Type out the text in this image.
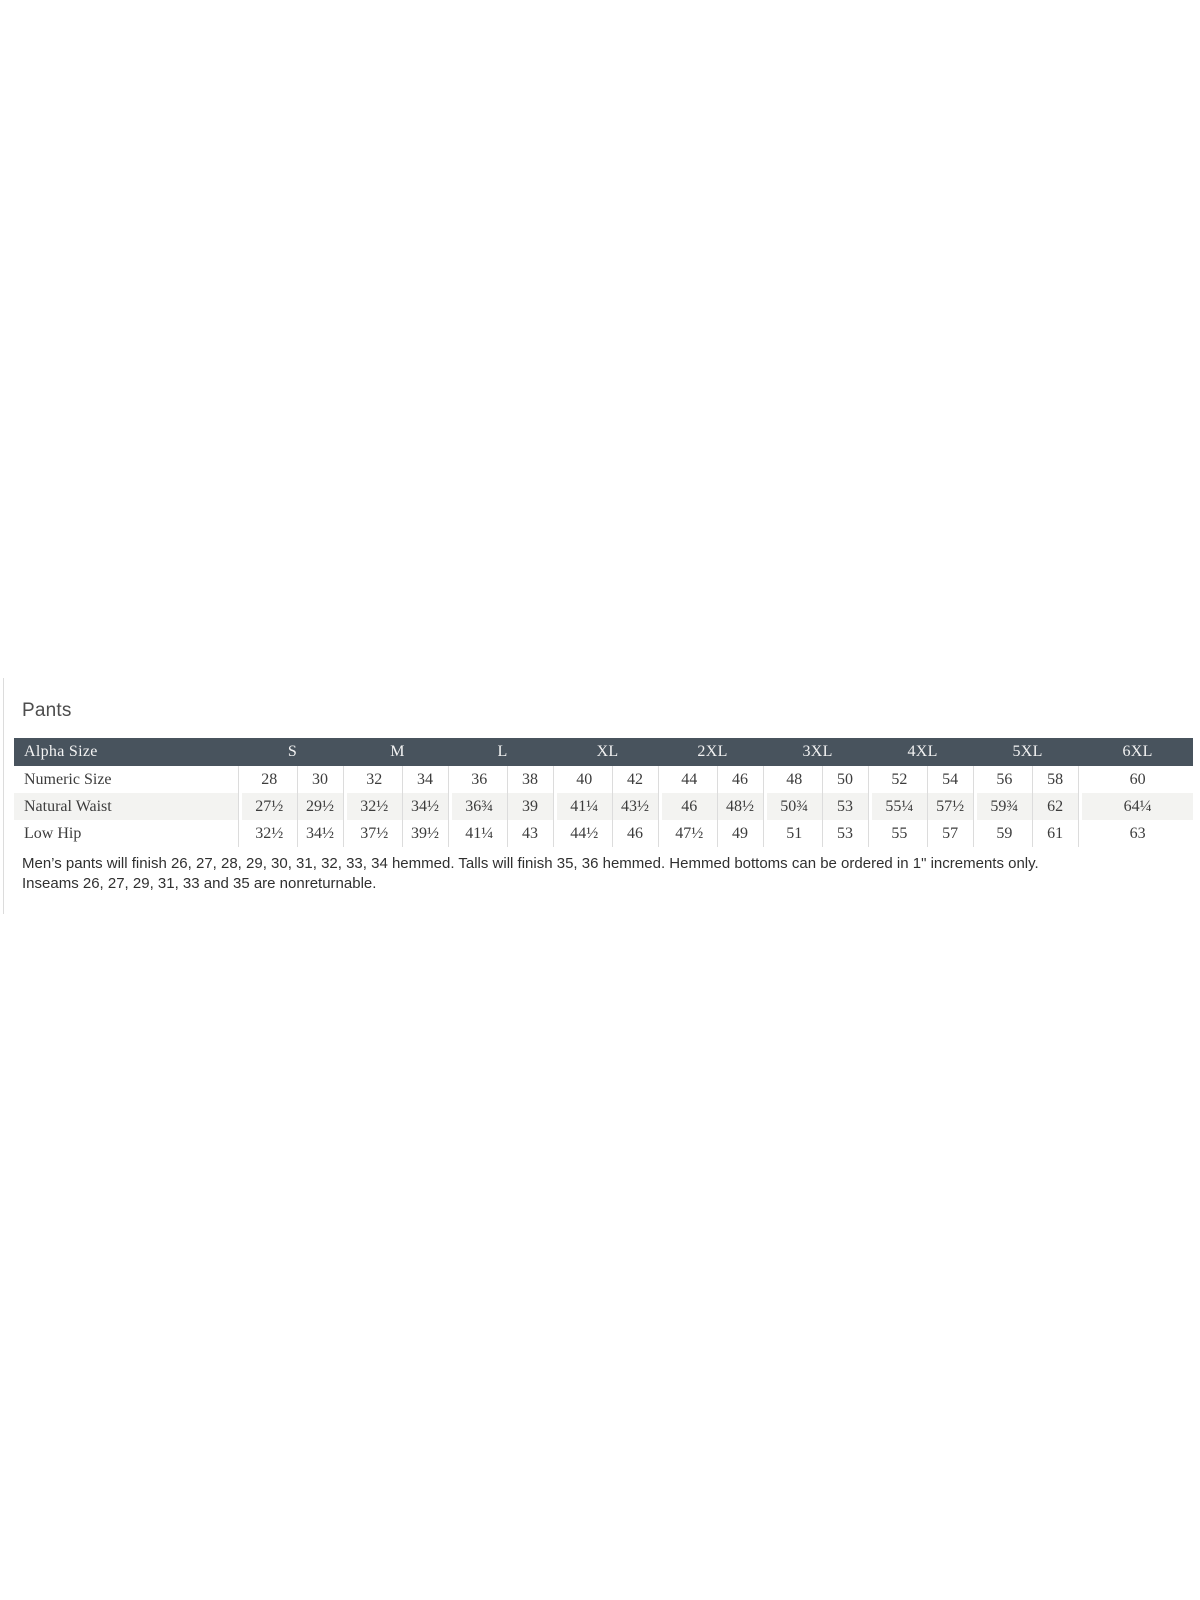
Pants
Alpha Size		S			M			L			XL			2XL			3XL			4XL			5XL			6XL
Numeric Size		28	30		32	34		36	38		40	42		44	46		48	50		52	54		56	58		60
Natural Waist		27½	29½		32½	34½		36¾	39		41¼	43½		46	48½		50¾	53		55¼	57½		59¾	62		64¼
Low Hip		32½	34½		37½	39½		41¼	43		44½	46		47½	49		51	53		55	57		59	61		63
Men’s pants will finish 26, 27, 28, 29, 30, 31, 32, 33, 34 hemmed. Talls will finish 35, 36 hemmed. Hemmed bottoms can be ordered in 1" increments only.
Inseams 26, 27, 29, 31, 33 and 35 are nonreturnable.
